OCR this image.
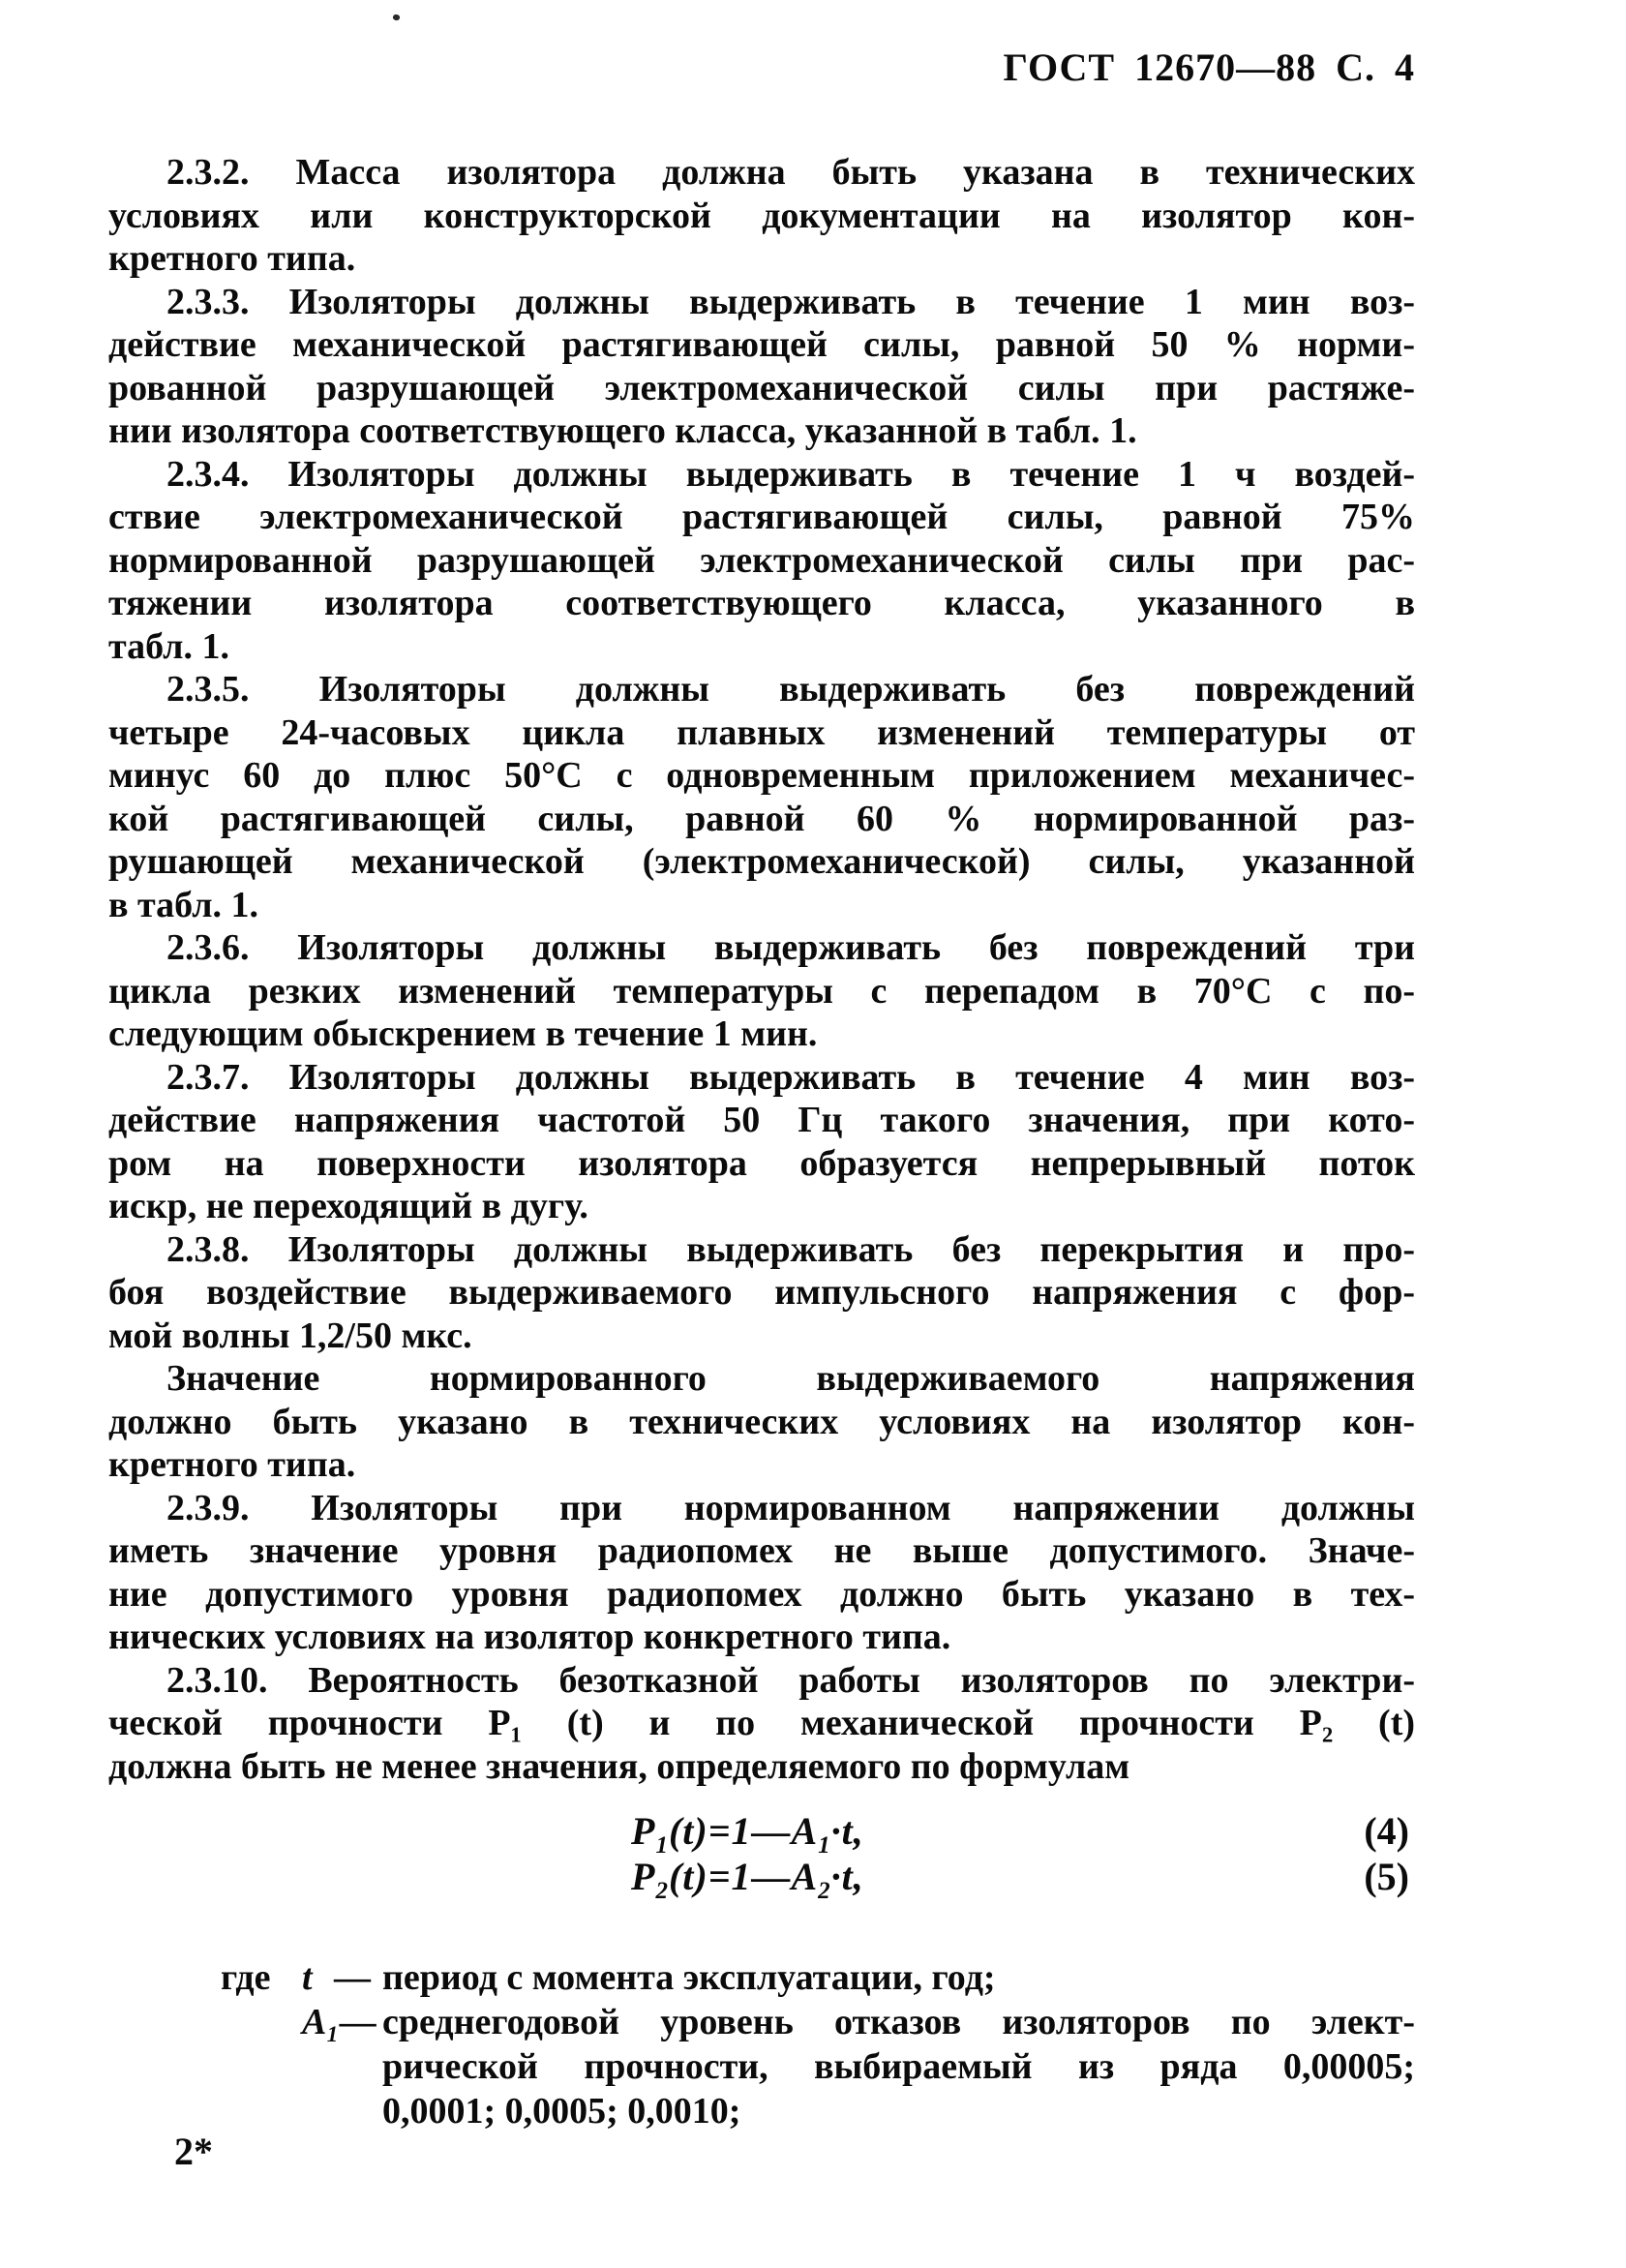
ГОСТ 12670—88 С. 4
2.3.2. Масса изолятора должна быть указана в технических
условиях или конструкторской документации на изолятор кон-
кретного типа.
2.3.3. Изоляторы должны выдерживать в течение 1 мин воз-
действие механической растягивающей силы, равной 50 % норми-
рованной разрушающей электромеханической силы при растяже-
нии изолятора соответствующего класса, указанной в табл. 1.
2.3.4. Изоляторы должны выдерживать в течение 1 ч воздей-
ствие электромеханической растягивающей силы, равной 75%
нормированной разрушающей электромеханической силы при рас-
тяжении изолятора соответствующего класса, указанного в
табл. 1.
2.3.5. Изоляторы должны выдерживать без повреждений
четыре 24-часовых цикла плавных изменений температуры от
минус 60 до плюс 50°С с одновременным приложением механичес-
кой растягивающей силы, равной 60 % нормированной раз-
рушающей механической (электромеханической) силы, указанной
в табл. 1.
2.3.6. Изоляторы должны выдерживать без повреждений три
цикла резких изменений температуры с перепадом в 70°С с по-
следующим обыскрением в течение 1 мин.
2.3.7. Изоляторы должны выдерживать в течение 4 мин воз-
действие напряжения частотой 50 Гц такого значения, при кото-
ром на поверхности изолятора образуется непрерывный поток
искр, не переходящий в дугу.
2.3.8. Изоляторы должны выдерживать без перекрытия и про-
боя воздействие выдерживаемого импульсного напряжения с фор-
мой волны 1,2/50 мкс.
Значение нормированного выдерживаемого напряжения
должно быть указано в технических условиях на изолятор кон-
кретного типа.
2.3.9. Изоляторы при нормированном напряжении должны
иметь значение уровня радиопомех не выше допустимого. Значе-
ние допустимого уровня радиопомех должно быть указано в тех-
нических условиях на изолятор конкретного типа.
2.3.10. Вероятность безотказной работы изоляторов по электри-
ческой прочности P₁ (t) и по механической прочности P₂ (t)
должна быть не менее значения, определяемого по формулам
$P_1(t)=1—A_1\cdot t$,	(4)
$P_2(t)=1—A_2\cdot t$,	(5)
где t — период с момента эксплуатации, год;
A₁ — среднегодовой уровень отказов изоляторов по элект-
рической прочности, выбираемый из ряда 0,00005;
0,0001; 0,0005; 0,0010;
2*
